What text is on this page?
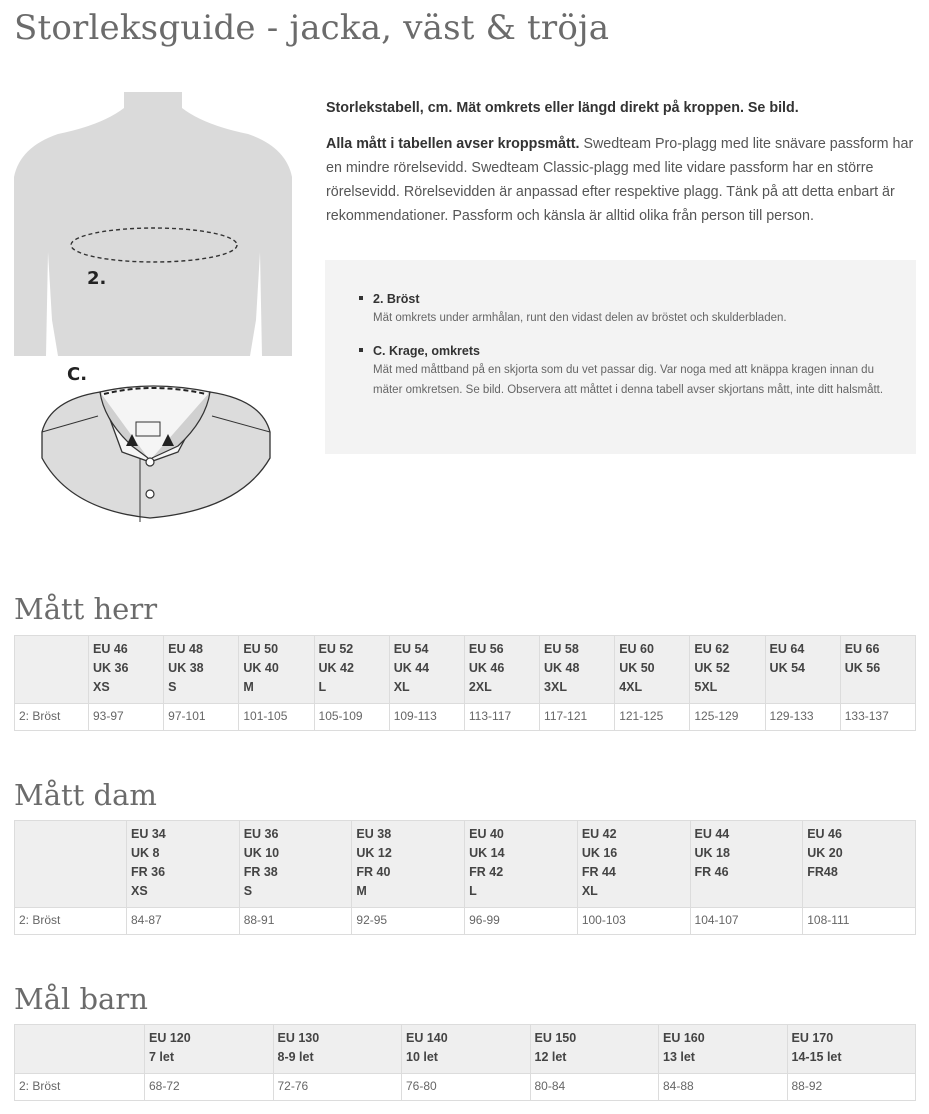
Storleksguide - jacka, väst & tröja
2.
C.

Storlekstabell, cm. Mät omkrets eller längd direkt på kroppen. Se bild.

Alla mått i tabellen avser kroppsmått. Swedteam Pro-plagg med lite snävare passform har en mindre rörelsevidd. Swedteam Classic-plagg med lite vidare passform har en större rörelsevidd. Rörelsevidden är anpassad efter respektive plagg. Tänk på att detta enbart är rekommendationer. Passform och känsla är alltid olika från person till person.

2. Bröst
Mät omkrets under armhålan, runt den vidast delen av bröstet och skulderbladen.
C. Krage, omkrets
Mät med måttband på en skjorta som du vet passar dig. Var noga med att knäppa kragen innan du mäter omkretsen. Se bild. Observera att måttet i denna tabell avser skjortans mått, inte ditt halsmått.
Mått herr

	EU 46
UK 36
XS	EU 48
UK 38
S	EU 50
UK 40
M	EU 52
UK 42
L	EU 54
UK 44
XL	EU 56
UK 46
2XL	EU 58
UK 48
3XL	EU 60
UK 50
4XL	EU 62
UK 52
5XL	EU 64
UK 54	EU 66
UK 56

2: Bröst	93-97	97-101	101-105	105-109	109-113	113-117	117-121	121-125	125-129	129-133	133-137
Mått dam

	EU 34
UK 8
FR 36
XS	EU 36
UK 10
FR 38
S	EU 38
UK 12
FR 40
M	EU 40
UK 14
FR 42
L	EU 42
UK 16
FR 44
XL	EU 44
UK 18
FR 46	EU 46
UK 20
FR48

2: Bröst	84-87	88-91	92-95	96-99	100-103	104-107	108-111
Mål barn

	EU 120
7 let	EU 130
8-9 let	EU 140
10 let	EU 150
12 let	EU 160
13 let	EU 170
14-15 let

2: Bröst	68-72	72-76	76-80	80-84	84-88	88-92
